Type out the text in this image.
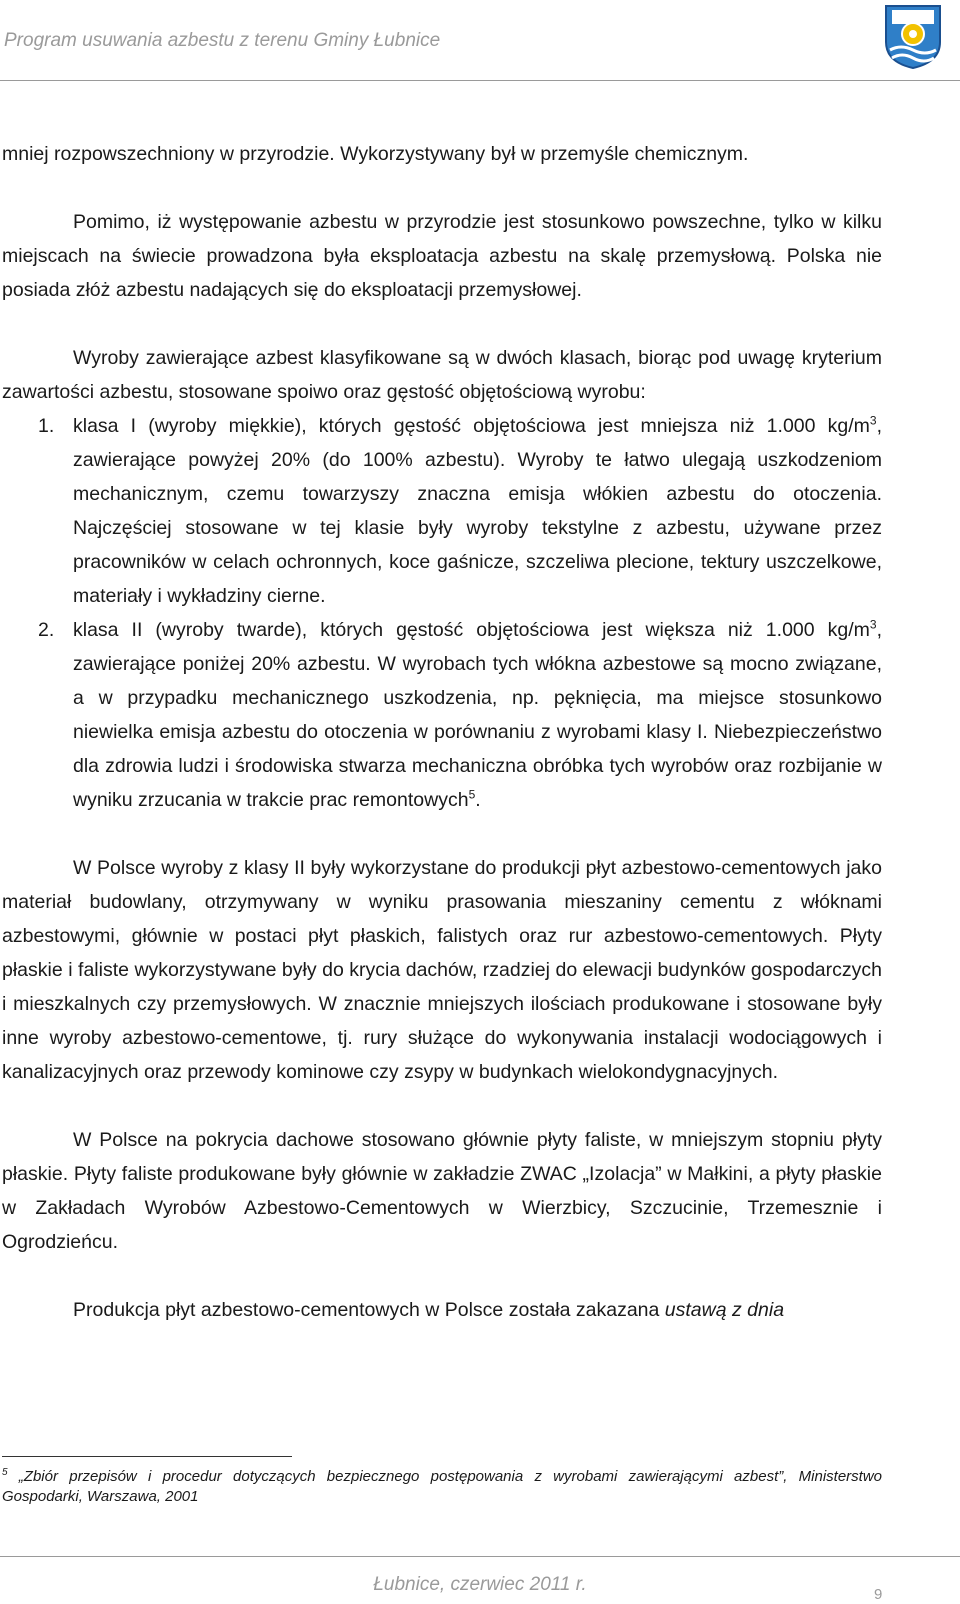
Program usuwania azbestu z terenu Gminy Łubnice

mniej rozpowszechniony w przyrodzie. Wykorzystywany był w przemyśle chemicznym.

Pomimo, iż występowanie azbestu w przyrodzie jest stosunkowo powszechne, tylko w kilku miejscach na świecie prowadzona była eksploatacja azbestu na skalę przemysłową. Polska nie posiada złóż azbestu nadających się do eksploatacji przemysłowej.

Wyroby zawierające azbest klasyfikowane są w dwóch klasach, biorąc pod uwagę kryterium zawartości azbestu, stosowane spoiwo oraz gęstość objętościową wyrobu:

1. klasa I (wyroby miękkie), których gęstość objętościowa jest mniejsza niż 1.000 $kg/m^3$, zawierające powyżej 20% (do 100% azbestu). Wyroby te łatwo ulegają uszkodzeniom mechanicznym, czemu towarzyszy znaczna emisja włókien azbestu do otoczenia. Najczęściej stosowane w tej klasie były wyroby tekstylne z azbestu, używane przez pracowników w celach ochronnych, koce gaśnicze, szczeliwa plecione, tektury uszczelkowe, materiały i wykładziny cierne.
2. klasa II (wyroby twarde), których gęstość objętościowa jest większa niż 1.000 $kg/m^3$, zawierające poniżej 20% azbestu. W wyrobach tych włókna azbestowe są mocno związane, a w przypadku mechanicznego uszkodzenia, np. pęknięcia, ma miejsce stosunkowo niewielka emisja azbestu do otoczenia w porównaniu z wyrobami klasy I. Niebezpieczeństwo dla zdrowia ludzi i środowiska stwarza mechaniczna obróbka tych wyrobów oraz rozbijanie w wyniku zrzucania w trakcie prac remontowych$^5$.

W Polsce wyroby z klasy II były wykorzystane do produkcji płyt azbestowo-cementowych jako materiał budowlany, otrzymywany w wyniku prasowania mieszaniny cementu z włóknami azbestowymi, głównie w postaci płyt płaskich, falistych oraz rur azbestowo-cementowych. Płyty płaskie i faliste wykorzystywane były do krycia dachów, rzadziej do elewacji budynków gospodarczych i mieszkalnych czy przemysłowych. W znacznie mniejszych ilościach produkowane i stosowane były inne wyroby azbestowo-cementowe, tj. rury służące do wykonywania instalacji wodociągowych i kanalizacyjnych oraz przewody kominowe czy zsypy w budynkach wielokondygnacyjnych.

W Polsce na pokrycia dachowe stosowano głównie płyty faliste, w mniejszym stopniu płyty płaskie. Płyty faliste produkowane były głównie w zakładzie ZWAC „Izolacja” w Małkini, a płyty płaskie w Zakładach Wyrobów Azbestowo-Cementowych w Wierzbicy, Szczucinie, Trzemesznie i Ogrodzieńcu.

Produkcja płyt azbestowo-cementowych w Polsce została zakazana ustawą z dnia

$^5$ „Zbiór przepisów i procedur dotyczących bezpiecznego postępowania z wyrobami zawierającymi azbest”, Ministerstwo Gospodarki, Warszawa, 2001
Łubnice, czerwiec 2011 r.	9
